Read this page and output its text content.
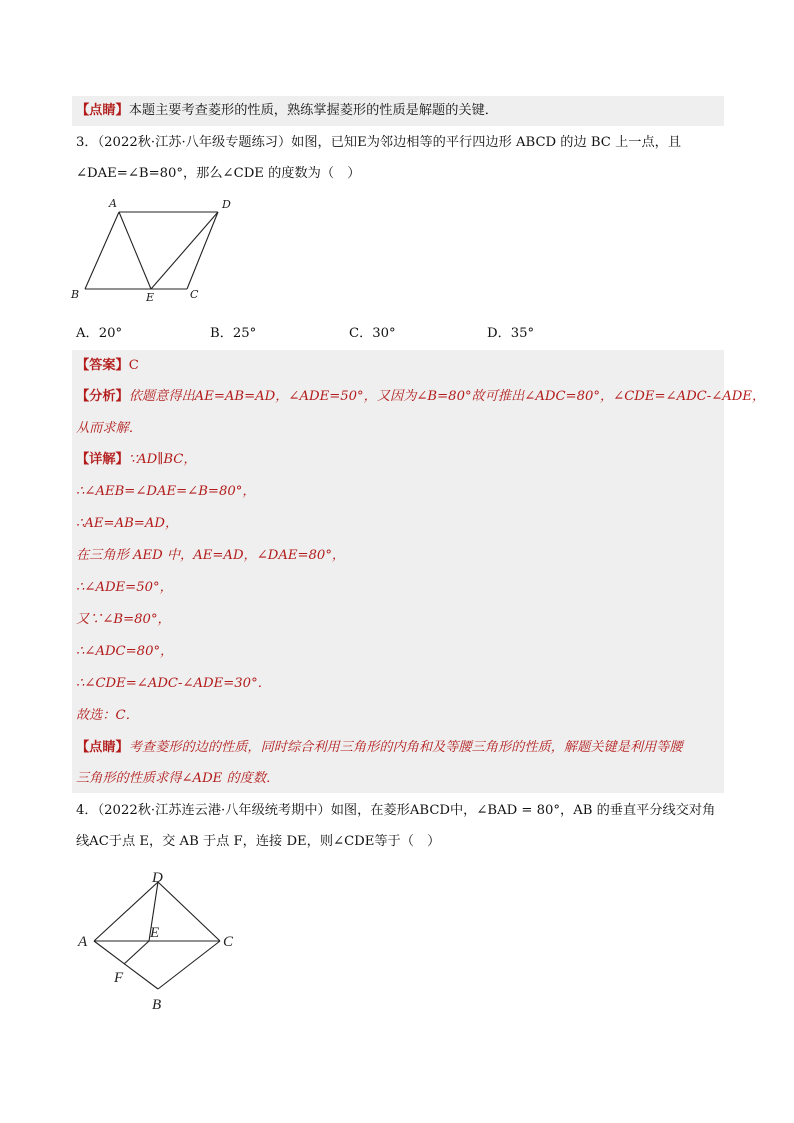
【点睛】本题主要考查菱形的性质，熟练掌握菱形的性质是解题的关键．
3．（2022秋·江苏·八年级专题练习）如图，已知E为邻边相等的平行四边形 ABCD 的边 BC 上一点，且
∠DAE=∠B=80°，那么∠CDE 的度数为（　）
A	D
B	E	C
A．20°	B．25°	C．30°	D．35°
【答案】C
【分析】依题意得出AE=AB=AD，∠ADE=50°，又因为∠B=80°故可推出∠ADC=80°，∠CDE=∠ADC-∠ADE，
从而求解．
【详解】∵AD∥BC，
∴∠AEB=∠DAE=∠B=80°，
∴AE=AB=AD，
在三角形 AED 中，AE=AD，∠DAE=80°，
∴∠ADE=50°，
又∵∠B=80°，
∴∠ADC=80°，
∴∠CDE=∠ADC-∠ADE=30°．
故选：C．
【点睛】考查菱形的边的性质，同时综合利用三角形的内角和及等腰三角形的性质，解题关键是利用等腰
三角形的性质求得∠ADE 的度数．
4．（2022秋·江苏连云港·八年级统考期中）如图，在菱形ABCD中，∠BAD = 80°，AB 的垂直平分线交对角
线AC于点 E，交 AB 于点 F，连接 DE，则∠CDE等于（　）
D
A
E
C
F
B
